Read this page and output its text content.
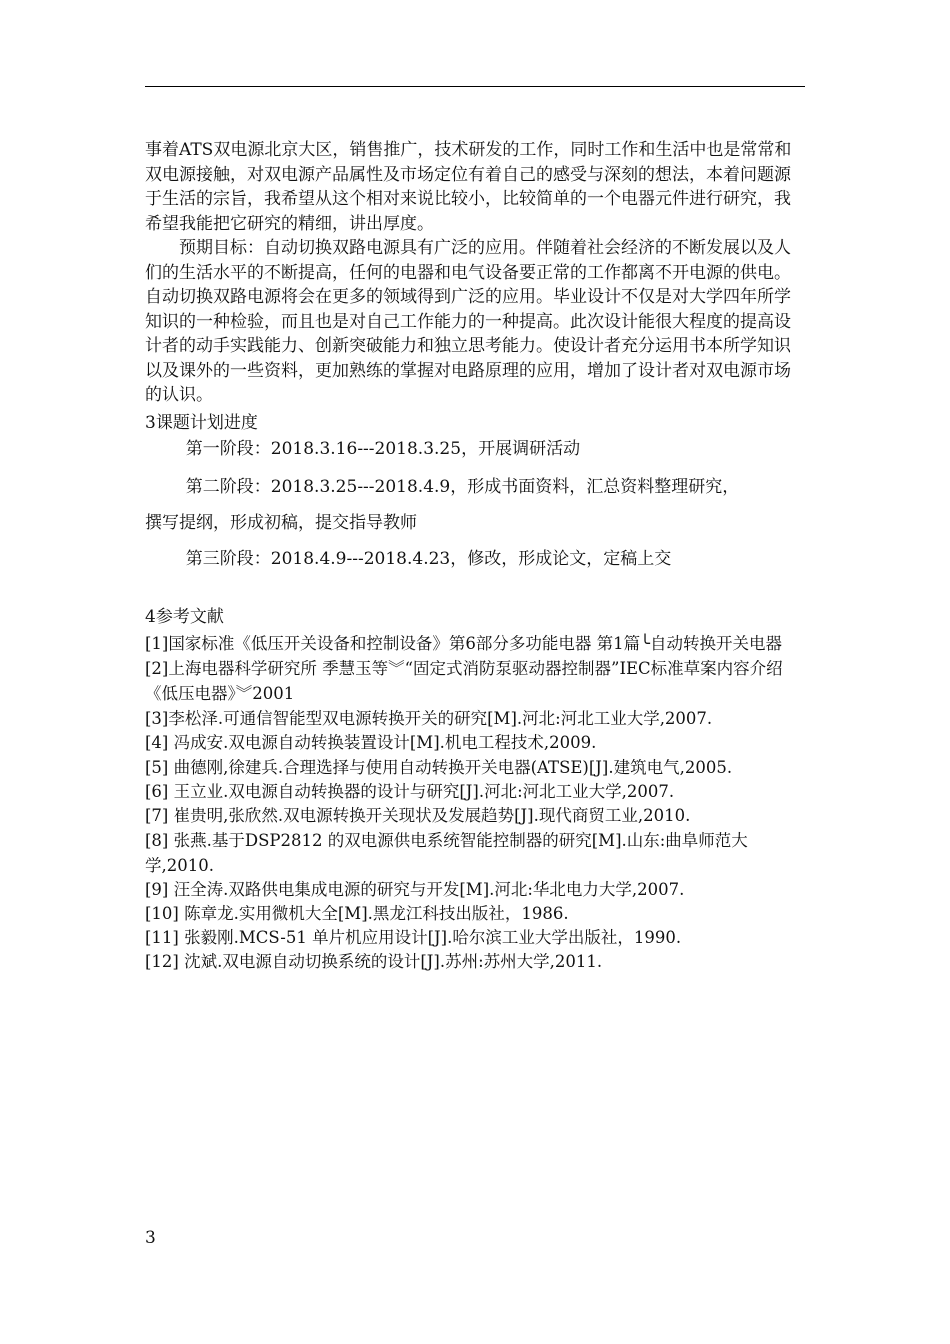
事着ATS双电源北京大区，销售推广，技术研发的工作，同时工作和生活中也是常常和双电源接触，对双电源产品属性及市场定位有着自己的感受与深刻的想法，本着问题源于生活的宗旨，我希望从这个相对来说比较小，比较简单的一个电器元件进行研究，我希望我能把它研究的精细，讲出厚度。

预期目标：自动切换双路电源具有广泛的应用。伴随着社会经济的不断发展以及人们的生活水平的不断提高，任何的电器和电气设备要正常的工作都离不开电源的供电。自动切换双路电源将会在更多的领域得到广泛的应用。毕业设计不仅是对大学四年所学知识的一种检验，而且也是对自己工作能力的一种提高。此次设计能很大程度的提高设计者的动手实践能力、创新突破能力和独立思考能力。使设计者充分运用书本所学知识以及课外的一些资料，更加熟练的掌握对电路原理的应用，增加了设计者对双电源市场的认识。

3课题计划进度

第一阶段：2018.3.16---2018.3.25，开展调研活动

第二阶段：2018.3.25---2018.4.9，形成书面资料，汇总资料整理研究，

撰写提纲，形成初稿，提交指导教师

第三阶段：2018.4.9---2018.4.23，修改，形成论文，定稿上交

4参考文献

[1]国家标准《低压开关设备和控制设备》第6部分多功能电器 第1篇╰自动转换开关电器

[2]上海电器科学研究所 季慧玉等︾“固定式消防泵驱动器控制器”IEC标准草案内容介绍《低压电器》︾2001

[3]李松泽.可通信智能型双电源转换开关的研究[M].河北:河北工业大学,2007.

[4] 冯成安.双电源自动转换装置设计[M].机电工程技术,2009.

[5] 曲德刚,徐建兵.合理选择与使用自动转换开关电器(ATSE)[J].建筑电气,2005.

[6] 王立业.双电源自动转换器的设计与研究[J].河北:河北工业大学,2007.

[7] 崔贵明,张欣然.双电源转换开关现状及发展趋势[J].现代商贸工业,2010.

[8] 张燕.基于DSP2812 的双电源供电系统智能控制器的研究[M].山东:曲阜师范大学,2010.

[9] 汪全涛.双路供电集成电源的研究与开发[M].河北:华北电力大学,2007.

[10] 陈章龙.实用微机大全[M].黑龙江科技出版社，1986.

[11] 张毅刚.MCS-51 单片机应用设计[J].哈尔滨工业大学出版社，1990.

[12] 沈斌.双电源自动切换系统的设计[J].苏州:苏州大学,2011.

3
